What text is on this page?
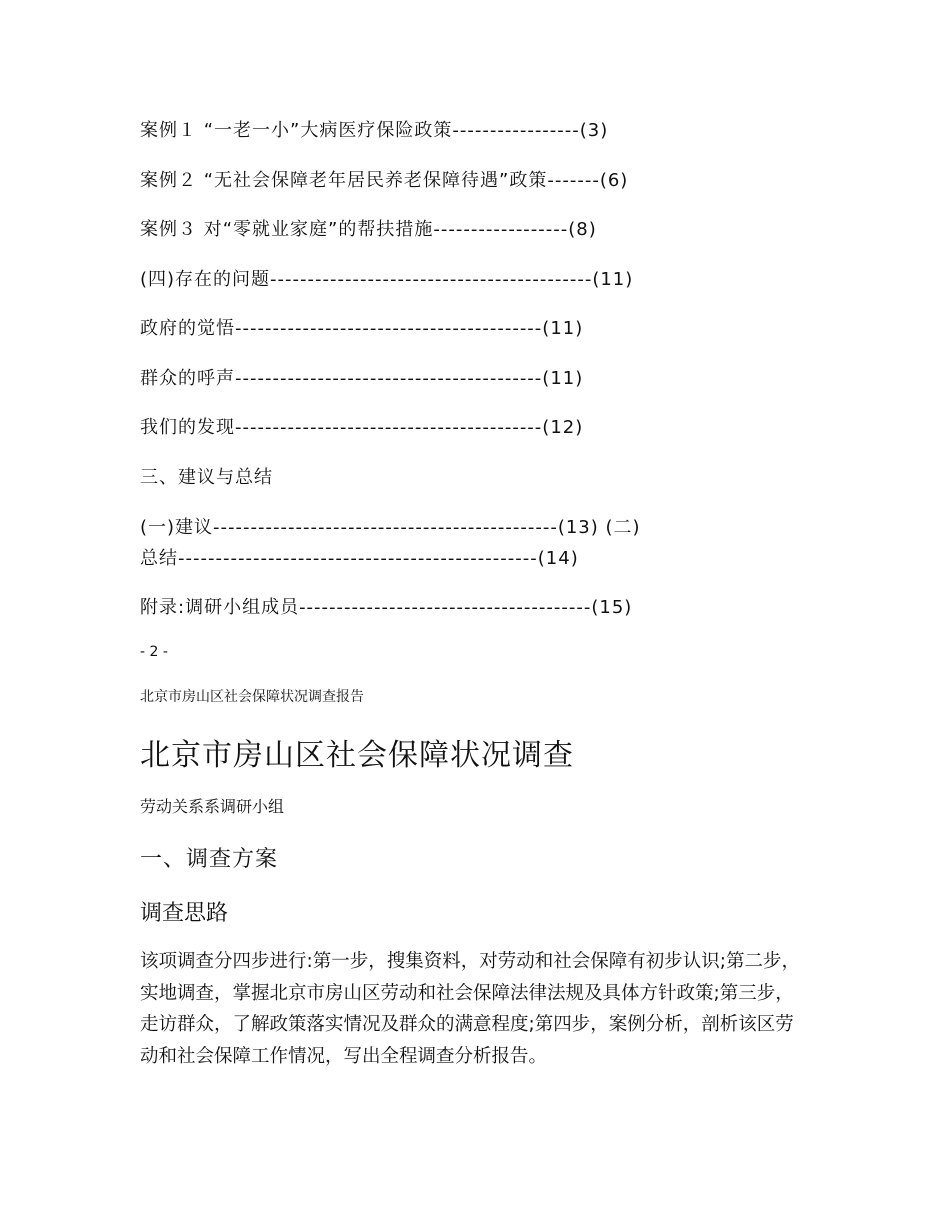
案例１ “一老一小”大病医疗保险政策-----------------(3)
案例２ “无社会保障老年居民养老保障待遇”政策-------(6)
案例３ 对“零就业家庭”的帮扶措施------------------(8)
(四)存在的问题-------------------------------------------(11)
政府的觉悟-----------------------------------------(11)
群众的呼声-----------------------------------------(11)
我们的发现-----------------------------------------(12)
三、建议与总结
(一)建议----------------------------------------------(13) (二)
总结------------------------------------------------(14)
附录:调研小组成员---------------------------------------(15)
- 2 -
北京市房山区社会保障状况调查报告
北京市房山区社会保障状况调查
劳动关系系调研小组
一、调查方案
调查思路

该项调查分四步进行:第一步，搜集资料，对劳动和社会保障有初步认识;第二步，实地调查，掌握北京市房山区劳动和社会保障法律法规及具体方针政策;第三步，走访群众，了解政策落实情况及群众的满意程度;第四步，案例分析，剖析该区劳动和社会保障工作情况，写出全程调查分析报告。
